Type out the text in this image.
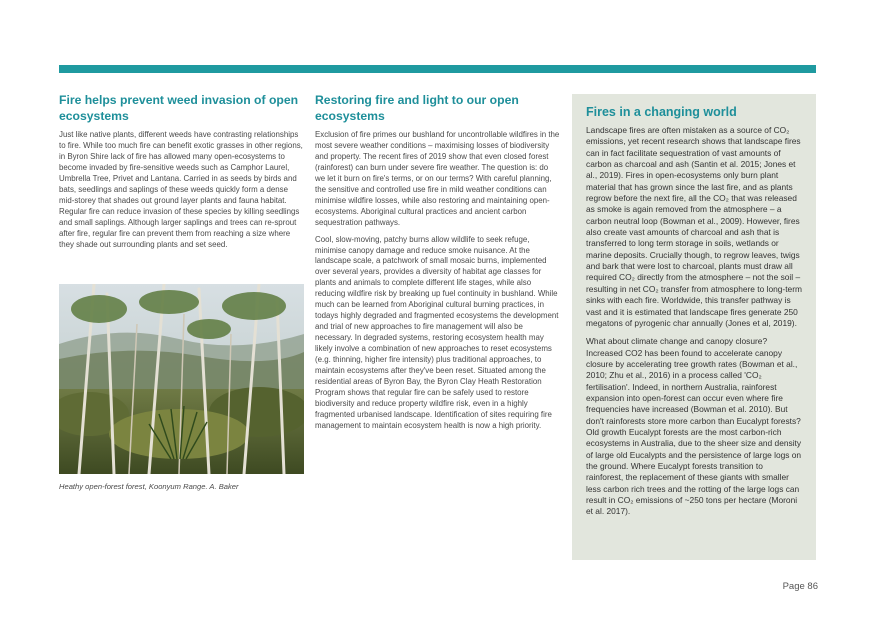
Fire helps prevent weed invasion of open ecosystems

Just like native plants, different weeds have contrasting relationships to fire. While too much fire can benefit exotic grasses in other regions, in Byron Shire lack of fire has allowed many open-ecosystems to become invaded by fire-sensitive weeds such as Camphor Laurel, Umbrella Tree, Privet and Lantana. Carried in as seeds by birds and bats, seedlings and saplings of these weeds quickly form a dense mid-storey that shades out ground layer plants and fauna habitat. Regular fire can reduce invasion of these species by killing seedlings and small saplings. Although larger saplings and trees can re-sprout after fire, regular fire can prevent them from reaching a size where they shade out surrounding plants and set seed.

Heathy open-forest forest, Koonyum Range. A. Baker
Restoring fire and light to our open ecosystems

Exclusion of fire primes our bushland for uncontrollable wildfires in the most severe weather conditions – maximising losses of biodiversity and property. The recent fires of 2019 show that even closed forest (rainforest) can burn under severe fire weather. The question is: do we let it burn on fire's terms, or on our terms? With careful planning, the sensitive and controlled use fire in mild weather conditions can minimise wildfire losses, while also restoring and maintaining open-ecosystems. Aboriginal cultural practices and ancient carbon sequestration pathways.

Cool, slow-moving, patchy burns allow wildlife to seek refuge, minimise canopy damage and reduce smoke nuisance. At the landscape scale, a patchwork of small mosaic burns, implemented over several years, provides a diversity of habitat age classes for plants and animals to complete different life stages, while also reducing wildfire risk by breaking up fuel continuity in bushland. While much can be learned from Aboriginal cultural burning practices, in todays highly degraded and fragmented ecosystems the development and trial of new approaches to fire management will also be necessary. In degraded systems, restoring ecosystem health may likely involve a combination of new approaches to reset ecosystems (e.g. thinning, higher fire intensity) plus traditional approaches, to maintain ecosystems after they've been reset. Situated among the residential areas of Byron Bay, the Byron Clay Heath Restoration Program shows that regular fire can be safely used to restore biodiversity and reduce property wildfire risk, even in a highly fragmented urbanised landscape. Identification of sites requiring fire management to maintain ecosystem health is now a high priority.

Fires in a changing world

Landscape fires are often mistaken as a source of CO₂ emissions, yet recent research shows that landscape fires can in fact facilitate sequestration of vast amounts of carbon as charcoal and ash (Santin et al. 2015; Jones et al., 2019). Fires in open-ecosystems only burn plant material that has grown since the last fire, and as plants regrow before the next fire, all the CO₂ that was released as smoke is again removed from the atmosphere – a carbon neutral loop (Bowman et al., 2009). However, fires also create vast amounts of charcoal and ash that is transferred to long term storage in soils, wetlands or marine deposits. Crucially though, to regrow leaves, twigs and bark that were lost to charcoal, plants must draw all required CO₂ directly from the atmosphere – not the soil – resulting in net CO₂ transfer from atmosphere to long-term sinks with each fire. Worldwide, this transfer pathway is vast and it is estimated that landscape fires generate 250 megatons of pyrogenic char annually (Jones et al, 2019).

What about climate change and canopy closure? Increased CO2 has been found to accelerate canopy closure by accelerating tree growth rates (Bowman et al., 2010; Zhu et al., 2016) in a process called 'CO₂ fertilisation'. Indeed, in northern Australia, rainforest expansion into open-forest can occur even where fire frequencies have increased (Bowman et al. 2010). But don't rainforests store more carbon than Eucalypt forests? Old growth Eucalypt forests are the most carbon-rich ecosystems in Australia, due to the sheer size and density of large old Eucalypts and the persistence of large logs on the ground. Where Eucalypt forests transition to rainforest, the replacement of these giants with smaller less carbon rich trees and the rotting of the large logs can result in CO₂ emissions of ~250 tons per hectare (Moroni et al. 2017).

Page 86
